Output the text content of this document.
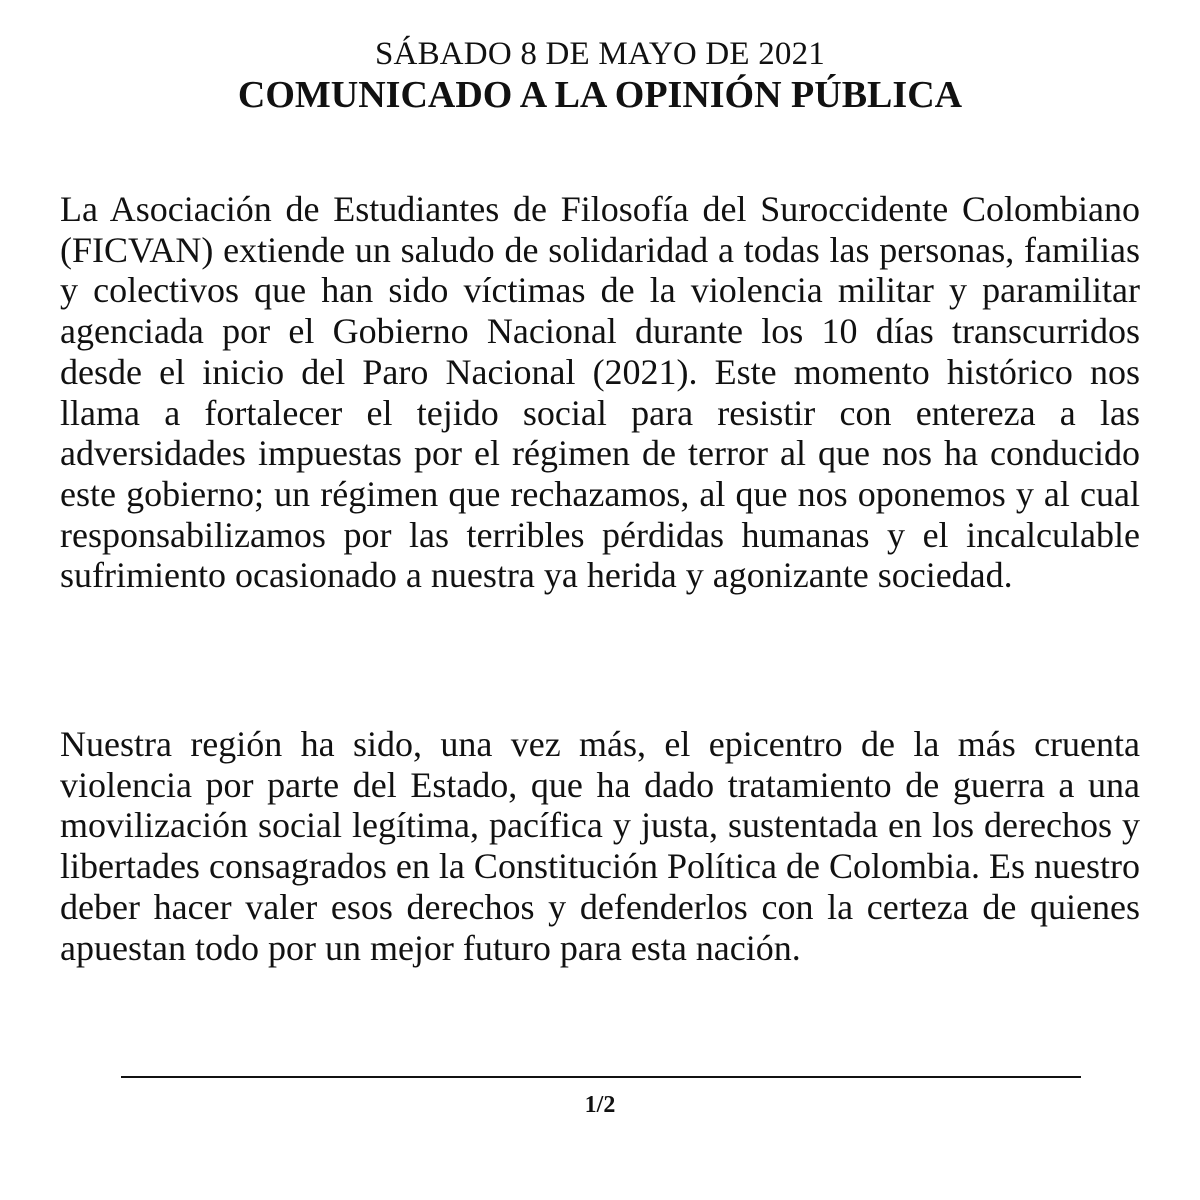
SÁBADO 8 DE MAYO DE 2021
COMUNICADO A LA OPINIÓN PÚBLICA

La Asociación de Estudiantes de Filosofía del Suroccidente Colombiano (FICVAN) extiende un saludo de solidaridad a todas las personas, familias y colectivos que han sido víctimas de la violencia militar y paramilitar agenciada por el Gobierno Nacional durante los 10 días transcurridos desde el inicio del Paro Nacional (2021). Este momento histórico nos llama a fortalecer el tejido social para resistir con entereza a las adversidades impuestas por el régimen de terror al que nos ha conducido este gobierno; un régimen que rechazamos, al que nos oponemos y al cual responsabilizamos por las terribles pérdidas humanas y el incalculable sufrimiento ocasionado a nuestra ya herida y agonizante sociedad.

Nuestra región ha sido, una vez más, el epicentro de la más cruenta violencia por parte del Estado, que ha dado tratamiento de guerra a una movilización social legítima, pacífica y justa, sustentada en los derechos y libertades consagrados en la Constitución Política de Colombia. Es nuestro deber hacer valer esos derechos y defenderlos con la certeza de quienes apuestan todo por un mejor futuro para esta nación.

1/2
